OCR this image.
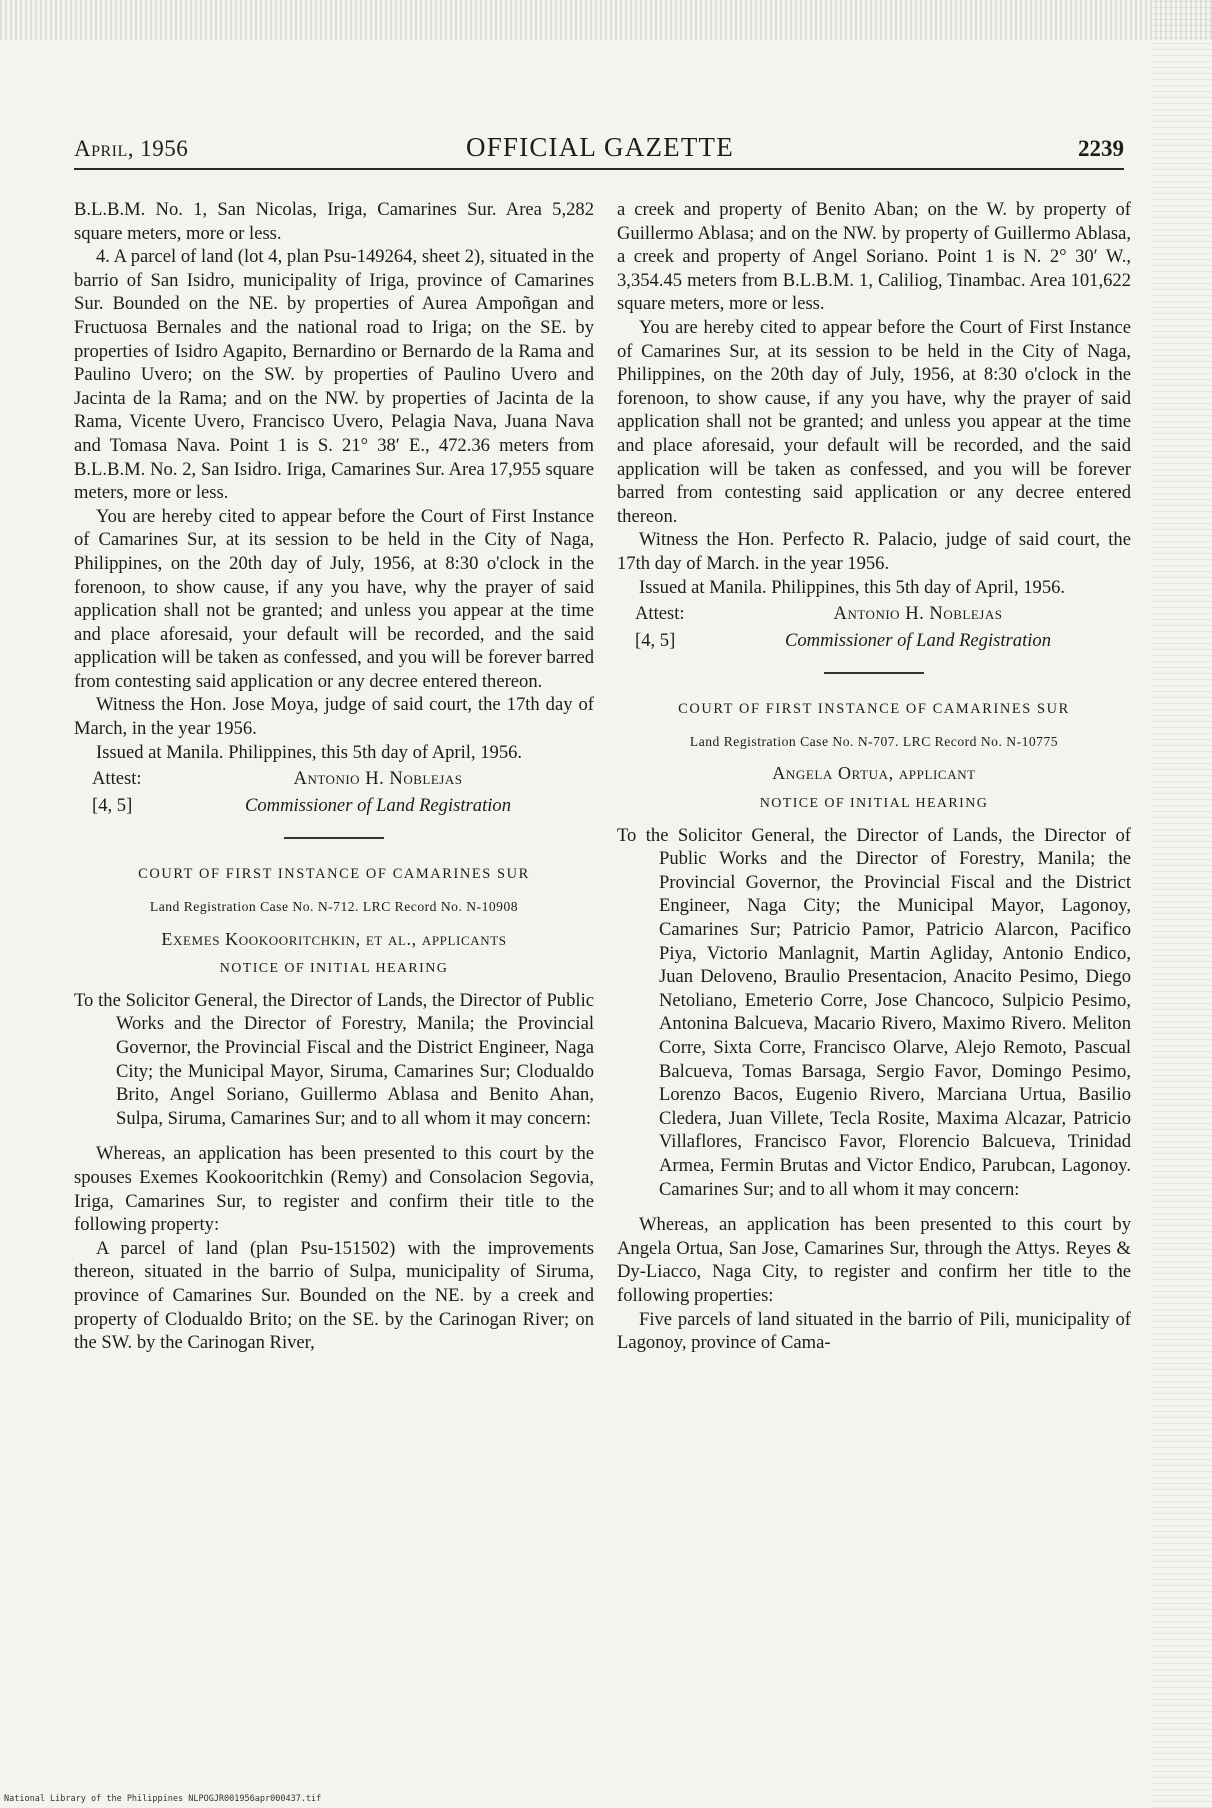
April, 1956	OFFICIAL GAZETTE	2239

B.L.B.M. No. 1, San Nicolas, Iriga, Camarines Sur. Area 5,282 square meters, more or less.

4. A parcel of land (lot 4, plan Psu-149264, sheet 2), situated in the barrio of San Isidro, municipality of Iriga, province of Camarines Sur. Bounded on the NE. by properties of Aurea Ampoñgan and Fructuosa Bernales and the national road to Iriga; on the SE. by properties of Isidro Agapito, Bernardino or Bernardo de la Rama and Paulino Uvero; on the SW. by properties of Paulino Uvero and Jacinta de la Rama; and on the NW. by properties of Jacinta de la Rama, Vicente Uvero, Francisco Uvero, Pelagia Nava, Juana Nava and Tomasa Nava. Point 1 is S. 21° 38′ E., 472.36 meters from B.L.B.M. No. 2, San Isidro. Iriga, Camarines Sur. Area 17,955 square meters, more or less.

You are hereby cited to appear before the Court of First Instance of Camarines Sur, at its session to be held in the City of Naga, Philippines, on the 20th day of July, 1956, at 8:30 o'clock in the forenoon, to show cause, if any you have, why the prayer of said application shall not be granted; and unless you appear at the time and place aforesaid, your default will be recorded, and the said application will be taken as confessed, and you will be forever barred from contesting said application or any decree entered thereon.

Witness the Hon. Jose Moya, judge of said court, the 17th day of March, in the year 1956.

Issued at Manila. Philippines, this 5th day of April, 1956.

Attest:	Antonio H. Noblejas
[4, 5]	Commissioner of Land Registration
COURT OF FIRST INSTANCE OF CAMARINES SUR
Land Registration Case No. N-712. LRC Record No. N-10908
Exemes Kookooritchkin, et al., applicants
NOTICE OF INITIAL HEARING

To the Solicitor General, the Director of Lands, the Director of Public Works and the Director of Forestry, Manila; the Provincial Governor, the Provincial Fiscal and the District Engineer, Naga City; the Municipal Mayor, Siruma, Camarines Sur; Clodualdo Brito, Angel Soriano, Guillermo Ablasa and Benito Ahan, Sulpa, Siruma, Camarines Sur; and to all whom it may concern:

Whereas, an application has been presented to this court by the spouses Exemes Kookooritchkin (Remy) and Consolacion Segovia, Iriga, Camarines Sur, to register and confirm their title to the following property:

A parcel of land (plan Psu-151502) with the improvements thereon, situated in the barrio of Sulpa, municipality of Siruma, province of Camarines Sur. Bounded on the NE. by a creek and property of Clodualdo Brito; on the SE. by the Carinogan River; on the SW. by the Carinogan River,

a creek and property of Benito Aban; on the W. by property of Guillermo Ablasa; and on the NW. by property of Guillermo Ablasa, a creek and property of Angel Soriano. Point 1 is N. 2° 30′ W., 3,354.45 meters from B.L.B.M. 1, Caliliog, Tinambac. Area 101,622 square meters, more or less.

You are hereby cited to appear before the Court of First Instance of Camarines Sur, at its session to be held in the City of Naga, Philippines, on the 20th day of July, 1956, at 8:30 o'clock in the forenoon, to show cause, if any you have, why the prayer of said application shall not be granted; and unless you appear at the time and place aforesaid, your default will be recorded, and the said application will be taken as confessed, and you will be forever barred from contesting said application or any decree entered thereon.

Witness the Hon. Perfecto R. Palacio, judge of said court, the 17th day of March. in the year 1956.

Issued at Manila. Philippines, this 5th day of April, 1956.

Attest:	Antonio H. Noblejas
[4, 5]	Commissioner of Land Registration
COURT OF FIRST INSTANCE OF CAMARINES SUR
Land Registration Case No. N-707. LRC Record No. N-10775
Angela Ortua, applicant
NOTICE OF INITIAL HEARING

To the Solicitor General, the Director of Lands, the Director of Public Works and the Director of Forestry, Manila; the Provincial Governor, the Provincial Fiscal and the District Engineer, Naga City; the Municipal Mayor, Lagonoy, Camarines Sur; Patricio Pamor, Patricio Alarcon, Pacifico Piya, Victorio Manlagnit, Martin Agliday, Antonio Endico, Juan Deloveno, Braulio Presentacion, Anacito Pesimo, Diego Netoliano, Emeterio Corre, Jose Chancoco, Sulpicio Pesimo, Antonina Balcueva, Macario Rivero, Maximo Rivero. Meliton Corre, Sixta Corre, Francisco Olarve, Alejo Remoto, Pascual Balcueva, Tomas Barsaga, Sergio Favor, Domingo Pesimo, Lorenzo Bacos, Eugenio Rivero, Marciana Urtua, Basilio Cledera, Juan Villete, Tecla Rosite, Maxima Alcazar, Patricio Villaflores, Francisco Favor, Florencio Balcueva, Trinidad Armea, Fermin Brutas and Victor Endico, Parubcan, Lagonoy. Camarines Sur; and to all whom it may concern:

Whereas, an application has been presented to this court by Angela Ortua, San Jose, Camarines Sur, through the Attys. Reyes & Dy-Liacco, Naga City, to register and confirm her title to the following properties:

Five parcels of land situated in the barrio of Pili, municipality of Lagonoy, province of Cama-

National Library of the Philippines NLPOGJR001956apr000437.tif
